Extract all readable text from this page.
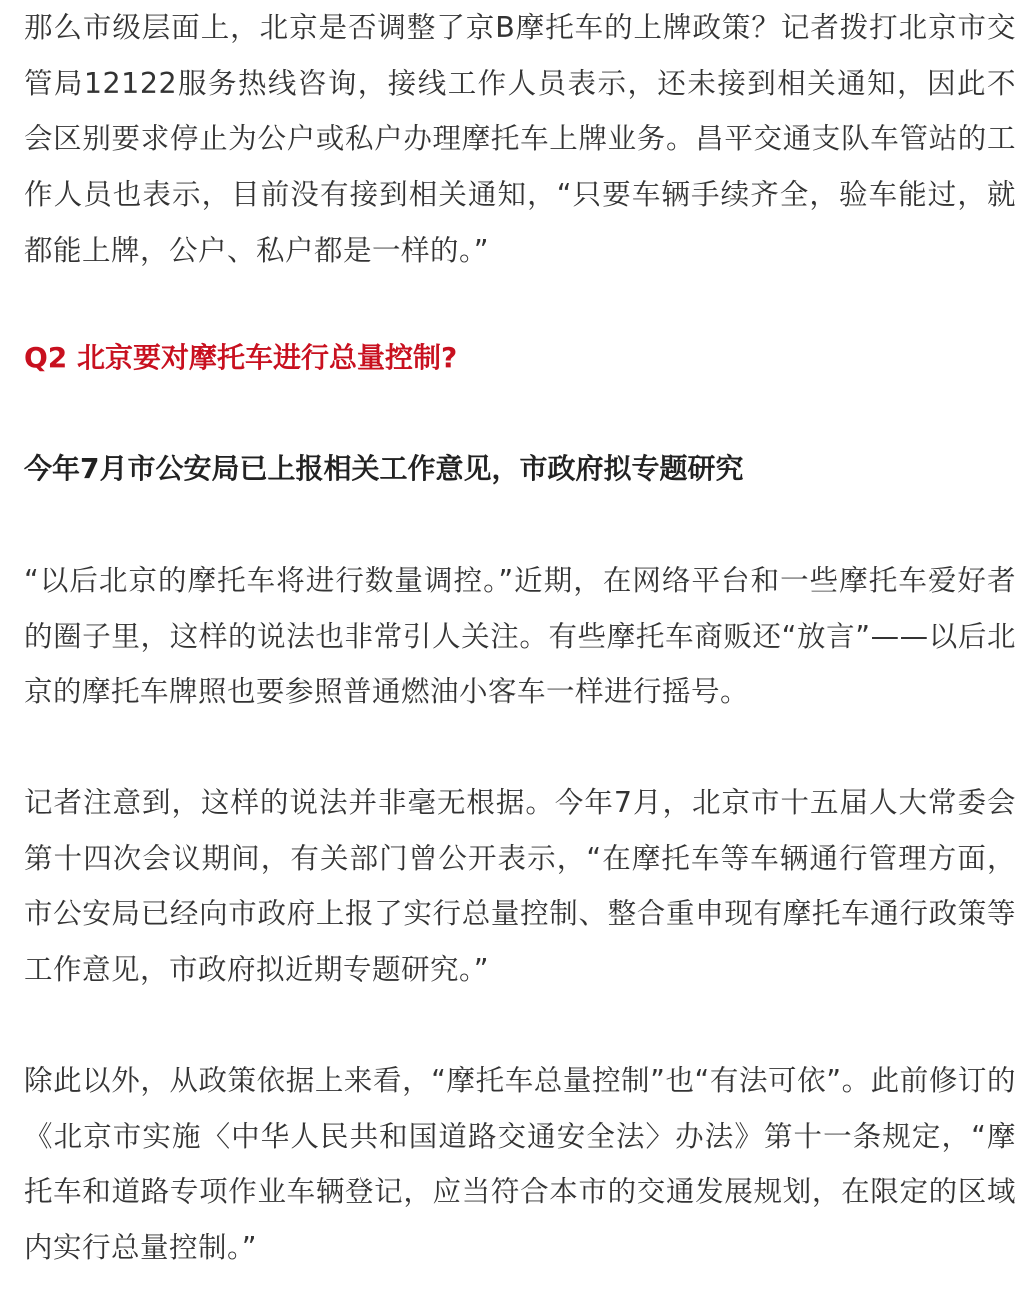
那么市级层面上，北京是否调整了京B摩托车的上牌政策？记者拨打北京市交管局12122服务热线咨询，接线工作人员表示，还未接到相关通知，因此不会区别要求停止为公户或私户办理摩托车上牌业务。昌平交通支队车管站的工作人员也表示，目前没有接到相关通知，“只要车辆手续齐全，验车能过，就都能上牌，公户、私户都是一样的。”

Q2 北京要对摩托车进行总量控制?

今年7月市公安局已上报相关工作意见，市政府拟专题研究

“以后北京的摩托车将进行数量调控。”近期，在网络平台和一些摩托车爱好者的圈子里，这样的说法也非常引人关注。有些摩托车商贩还“放言”——以后北京的摩托车牌照也要参照普通燃油小客车一样进行摇号。

记者注意到，这样的说法并非毫无根据。今年7月，北京市十五届人大常委会第十四次会议期间，有关部门曾公开表示，“在摩托车等车辆通行管理方面，市公安局已经向市政府上报了实行总量控制、整合重申现有摩托车通行政策等工作意见，市政府拟近期专题研究。”

除此以外，从政策依据上来看，“摩托车总量控制”也“有法可依”。此前修订的《北京市实施〈中华人民共和国道路交通安全法〉办法》第十一条规定，“摩托车和道路专项作业车辆登记，应当符合本市的交通发展规划，在限定的区域内实行总量控制。”
